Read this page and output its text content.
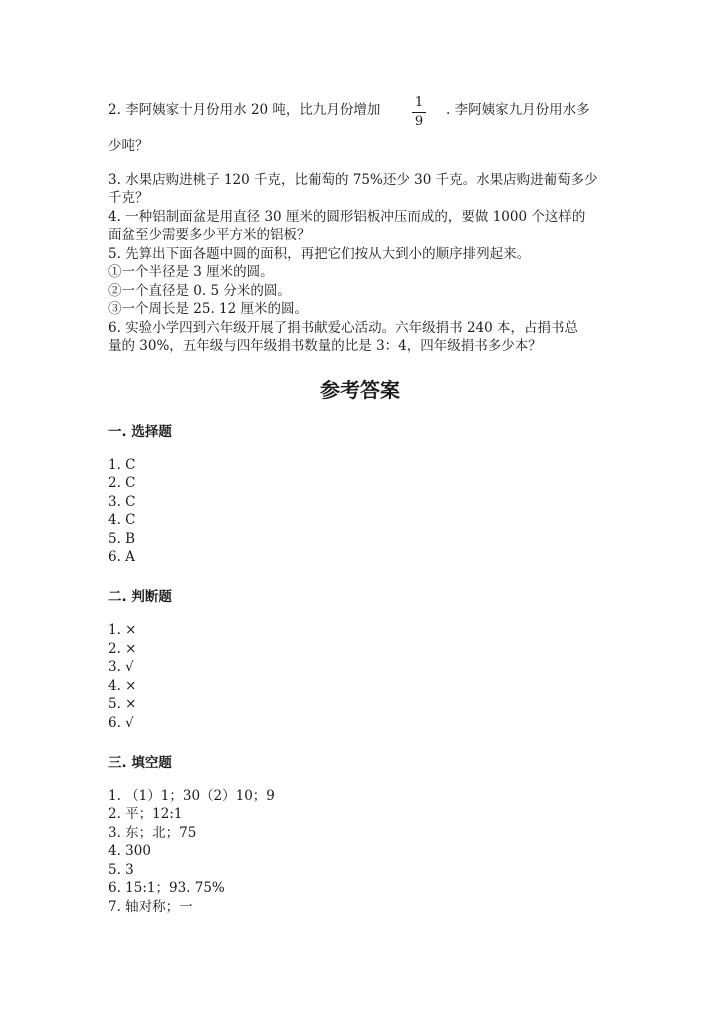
2. 李阿姨家十月份用水 20 吨，比九月份增加	1
9
. 李阿姨家九月份用水多
少吨？
3. 水果店购进桃子 120 千克，比葡萄的 75%还少 30 千克。水果店购进葡萄多少
千克？
4. 一种铝制面盆是用直径 30 厘米的圆形铝板冲压而成的，要做 1000 个这样的
面盆至少需要多少平方米的铝板？
5. 先算出下面各题中圆的面积，再把它们按从大到小的顺序排列起来。
①一个半径是 3 厘米的圆。
②一个直径是 0. 5 分米的圆。
③一个周长是 25. 12 厘米的圆。
6. 实验小学四到六年级开展了捐书献爱心活动。六年级捐书 240 本，占捐书总
量的 30%，五年级与四年级捐书数量的比是 3：4，四年级捐书多少本？
参考答案
一. 选择题
1. C
2. C
3. C
4. C
5. B
6. A
二. 判断题
1. ×
2. ×
3. √
4. ×
5. ×
6. √
三. 填空题
1. （1）1；30（2）10；9
2. 平；12:1
3. 东；北；75
4. 300
5. 3
6. 15:1；93. 75%
7. 轴对称；一
